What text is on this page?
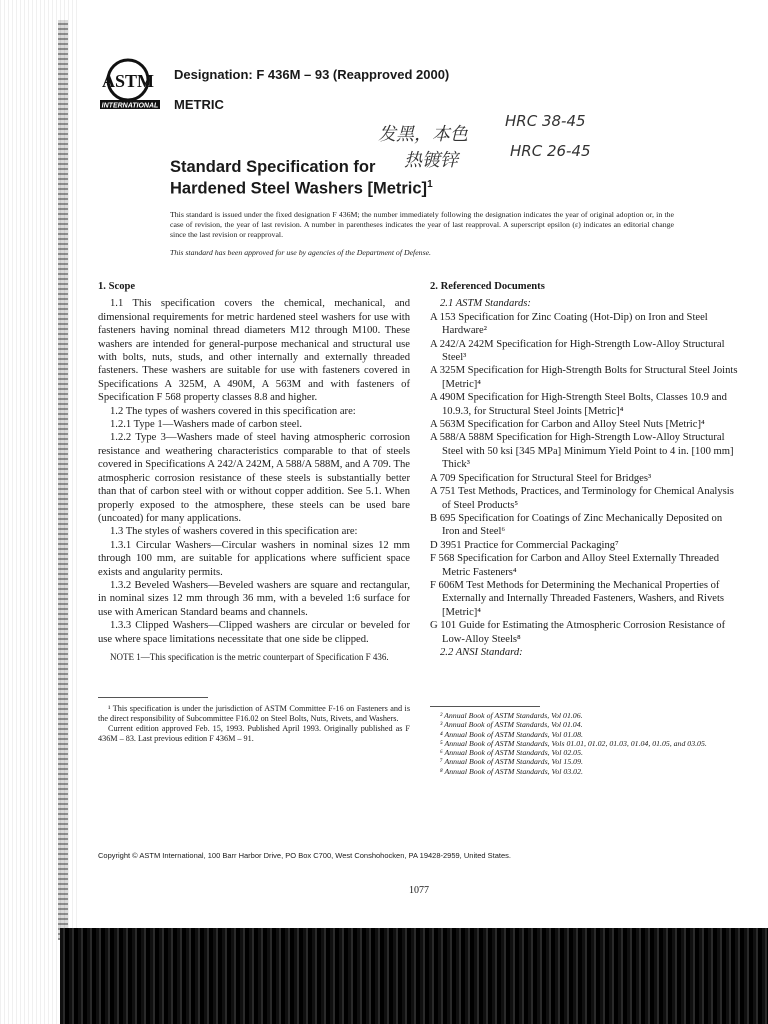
ASTM
INTERNATIONAL
Designation: F 436M – 93 (Reapproved 2000)
METRIC
发黑，本色
热镀锌
HRC 38-45
HRC 26-45
Standard Specification for
Hardened Steel Washers [Metric]$^1$
This standard is issued under the fixed designation F 436M; the number immediately following the designation indicates the year of original adoption or, in the case of revision, the year of last revision. A number in parentheses indicates the year of last reapproval. A superscript epsilon (ε) indicates an editorial change since the last revision or reapproval.
This standard has been approved for use by agencies of the Department of Defense.

1. Scope

1.1 This specification covers the chemical, mechanical, and dimensional requirements for metric hardened steel washers for use with fasteners having nominal thread diameters M12 through M100. These washers are intended for general-purpose mechanical and structural use with bolts, nuts, studs, and other internally and externally threaded fasteners. These washers are suitable for use with fasteners covered in Specifications A 325M, A 490M, A 563M and with fasteners of Specification F 568 property classes 8.8 and higher.

1.2 The types of washers covered in this specification are:

1.2.1 Type 1—Washers made of carbon steel.

1.2.2 Type 3—Washers made of steel having atmospheric corrosion resistance and weathering characteristics comparable to that of steels covered in Specifications A 242/A 242M, A 588/A 588M, and A 709. The atmospheric corrosion resistance of these steels is substantially better than that of carbon steel with or without copper addition. See 5.1. When properly exposed to the atmosphere, these steels can be used bare (uncoated) for many applications.

1.3 The styles of washers covered in this specification are:

1.3.1 Circular Washers—Circular washers in nominal sizes 12 mm through 100 mm, are suitable for applications where sufficient space exists and angularity permits.

1.3.2 Beveled Washers—Beveled washers are square and rectangular, in nominal sizes 12 mm through 36 mm, with a beveled 1:6 surface for use with American Standard beams and channels.

1.3.3 Clipped Washers—Clipped washers are circular or beveled for use where space limitations necessitate that one side be clipped.

NOTE 1—This specification is the metric counterpart of Specification F 436.

¹ This specification is under the jurisdiction of ASTM Committee F-16 on Fasteners and is the direct responsibility of Subcommittee F16.02 on Steel Bolts, Nuts, Rivets, and Washers.

Current edition approved Feb. 15, 1993. Published April 1993. Originally published as F 436M – 83. Last previous edition F 436M – 91.

2. Referenced Documents

2.1 ASTM Standards:

A 153 Specification for Zinc Coating (Hot-Dip) on Iron and Steel Hardware²

A 242/A 242M Specification for High-Strength Low-Alloy Structural Steel³

A 325M Specification for High-Strength Bolts for Structural Steel Joints [Metric]⁴

A 490M Specification for High-Strength Steel Bolts, Classes 10.9 and 10.9.3, for Structural Steel Joints [Metric]⁴

A 563M Specification for Carbon and Alloy Steel Nuts [Metric]⁴

A 588/A 588M Specification for High-Strength Low-Alloy Structural Steel with 50 ksi [345 MPa] Minimum Yield Point to 4 in. [100 mm] Thick³

A 709 Specification for Structural Steel for Bridges³

A 751 Test Methods, Practices, and Terminology for Chemical Analysis of Steel Products⁵

B 695 Specification for Coatings of Zinc Mechanically Deposited on Iron and Steel⁶

D 3951 Practice for Commercial Packaging⁷

F 568 Specification for Carbon and Alloy Steel Externally Threaded Metric Fasteners⁴

F 606M Test Methods for Determining the Mechanical Properties of Externally and Internally Threaded Fasteners, Washers, and Rivets [Metric]⁴

G 101 Guide for Estimating the Atmospheric Corrosion Resistance of Low-Alloy Steels⁸

2.2 ANSI Standard:

² Annual Book of ASTM Standards, Vol 01.06.

³ Annual Book of ASTM Standards, Vol 01.04.

⁴ Annual Book of ASTM Standards, Vol 01.08.

⁵ Annual Book of ASTM Standards, Vols 01.01, 01.02, 01.03, 01.04, 01.05, and 03.05.

⁶ Annual Book of ASTM Standards, Vol 02.05.

⁷ Annual Book of ASTM Standards, Vol 15.09.

⁸ Annual Book of ASTM Standards, Vol 03.02.

Copyright © ASTM International, 100 Barr Harbor Drive, PO Box C700, West Conshohocken, PA 19428-2959, United States.
1077
